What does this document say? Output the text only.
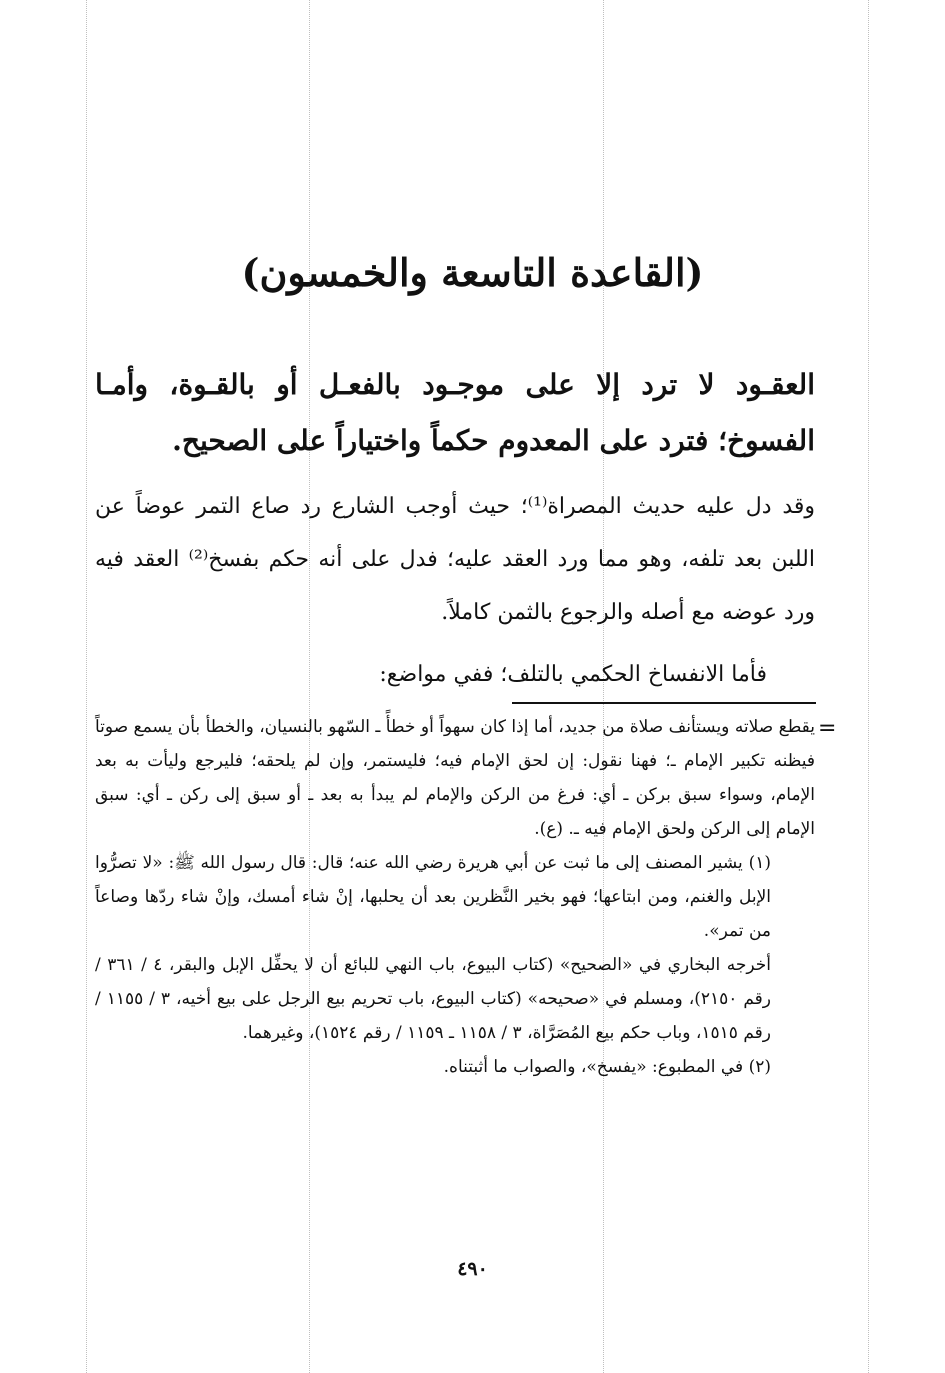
(القاعدة التاسعة والخمسون)
العقـود لا ترد إلا على موجـود بالفعـل أو بالقـوة، وأمـا الفسوخ؛ فترد على المعدوم حكماً واختياراً على الصحيح.

وقد دل عليه حديث المصراة⁽¹⁾؛ حيث أوجب الشارع رد صاع التمر عوضاً عن اللبن بعد تلفه، وهو مما ورد العقد عليه؛ فدل على أنه حكم بفسخ⁽²⁾ العقد فيه ورد عوضه مع أصله والرجوع بالثمن كاملاً.

فأما الانفساخ الحكمي بالتلف؛ ففي مواضع:

=

يقطع صلاته ويستأنف صلاة من جديد، أما إذا كان سهواً أو خطأً ـ السّهو بالنسيان، والخطأ بأن يسمع صوتاً فيظنه تكبير الإمام ـ؛ فهنا نقول: إن لحق الإمام فيه؛ فليستمر، وإن لم يلحقه؛ فليرجع وليأت به بعد الإمام، وسواء سبق بركن ـ أي: فرغ من الركن والإمام لم يبدأ به بعد ـ أو سبق إلى ركن ـ أي: سبق الإمام إلى الركن ولحق الإمام فيه ـ. (ع).

(١) يشير المصنف إلى ما ثبت عن أبي هريرة رضي الله عنه؛ قال: قال رسول الله ﷺ: «لا تصرُّوا الإبل والغنم، ومن ابتاعها؛ فهو بخير النَّظرين بعد أن يحلبها، إنْ شاء أمسك، وإنْ شاء ردّها وصاعاً من تمر».

أخرجه البخاري في «الصحيح» (كتاب البيوع، باب النهي للبائع أن لا يحفِّل الإبل والبقر، ٤ / ٣٦١ / رقم ٢١٥٠)، ومسلم في «صحيحه» (كتاب البيوع، باب تحريم بيع الرجل على بيع أخيه، ٣ / ١١٥٥ / رقم ١٥١٥، وباب حكم بيع المُصَرَّاة، ٣ / ١١٥٨ ـ ١١٥٩ / رقم ١٥٢٤)، وغيرهما.

(٢) في المطبوع: «يفسخ»، والصواب ما أثبتناه.

٤٩٠
